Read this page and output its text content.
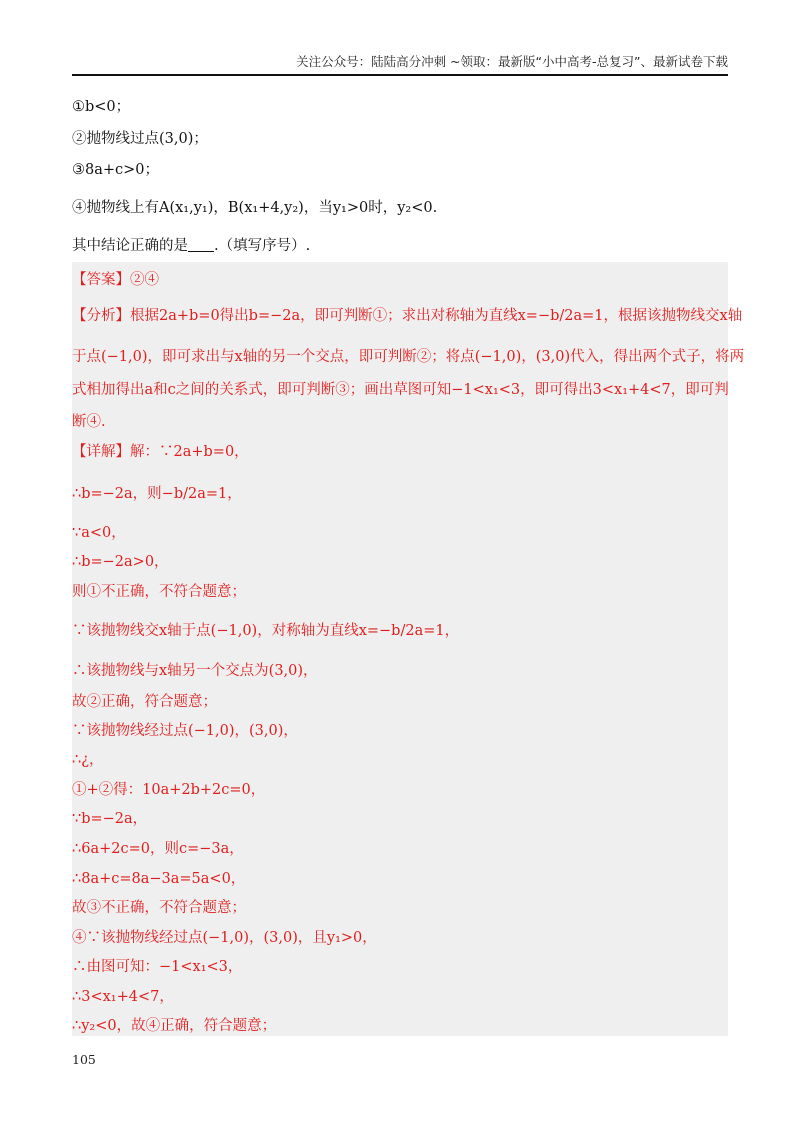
关注公众号：陆陆高分冲刺 ~领取：最新版“小中高考-总复习”、最新试卷下载
①b<0；
②抛物线过点(3,0)；
③8a+c>0；
④抛物线上有A(x₁,y₁)，B(x₁+4,y₂)，当y₁>0时，y₂<0.
其中结论正确的是 .（填写序号）.
【答案】②④
【分析】根据2a+b=0得出b=−2a，即可判断①；求出对称轴为直线x=−b/2a=1，根据该抛物线交x轴
于点(−1,0)，即可求出与x轴的另一个交点，即可判断②；将点(−1,0)，(3,0)代入，得出两个式子，将两
式相加得出a和c之间的关系式，即可判断③；画出草图可知−1<x₁<3，即可得出3<x₁+4<7，即可判
断④.
【详解】解：∵2a+b=0，
∴b=−2a，则−b/2a=1，
∵a<0，
∴b=−2a>0，
则①不正确，不符合题意；
∵该抛物线交x轴于点(−1,0)，对称轴为直线x=−b/2a=1，
∴该抛物线与x轴另一个交点为(3,0)，
故②正确，符合题意；
∵该抛物线经过点(−1,0)，(3,0)，
∴¿，
①+②得：10a+2b+2c=0，
∵b=−2a，
∴6a+2c=0，则c=−3a，
∴8a+c=8a−3a=5a<0，
故③不正确，不符合题意；
④∵该抛物线经过点(−1,0)，(3,0)，且y₁>0，
∴由图可知：−1<x₁<3，
∴3<x₁+4<7，
∴y₂<0，故④正确，符合题意；
105
